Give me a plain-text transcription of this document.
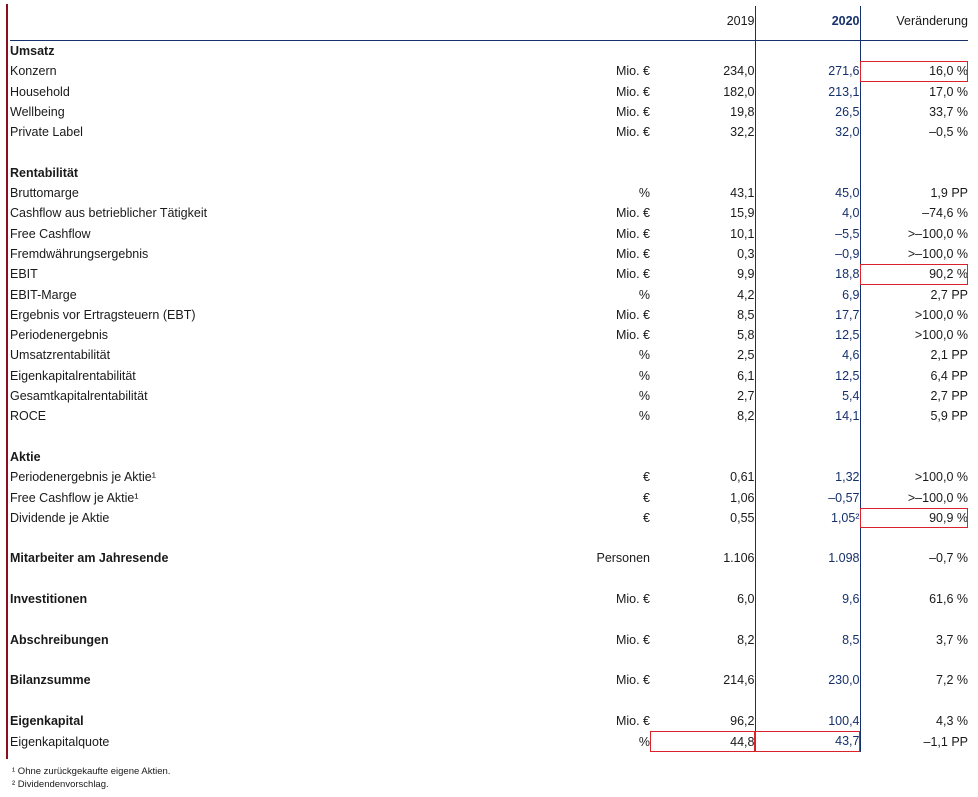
		2019	2020	Veränderung

Umsatz				
Konzern	Mio. €	234,0	271,6	16,0 %
Household	Mio. €	182,0	213,1	17,0 %
Wellbeing	Mio. €	19,8	26,5	33,7 %
Private Label	Mio. €	32,2	32,0	–0,5 %

Rentabilität				
Bruttomarge	%	43,1	45,0	1,9 PP
Cashflow aus betrieblicher Tätigkeit	Mio. €	15,9	4,0	–74,6 %
Free Cashflow	Mio. €	10,1	–5,5	>–100,0 %
Fremdwährungsergebnis	Mio. €	0,3	–0,9	>–100,0 %
EBIT	Mio. €	9,9	18,8	90,2 %
EBIT-Marge	%	4,2	6,9	2,7 PP
Ergebnis vor Ertragsteuern (EBT)	Mio. €	8,5	17,7	>100,0 %
Periodenergebnis	Mio. €	5,8	12,5	>100,0 %
Umsatzrentabilität	%	2,5	4,6	2,1 PP
Eigenkapitalrentabilität	%	6,1	12,5	6,4 PP
Gesamtkapitalrentabilität	%	2,7	5,4	2,7 PP
ROCE	%	8,2	14,1	5,9 PP

Aktie				
Periodenergebnis je Aktie¹	€	0,61	1,32	>100,0 %
Free Cashflow je Aktie¹	€	1,06	–0,57	>–100,0 %
Dividende je Aktie	€	0,55	1,05²	90,9 %

Mitarbeiter am Jahresende	Personen	1.106	1.098	–0,7 %

Investitionen	Mio. €	6,0	9,6	61,6 %

Abschreibungen	Mio. €	8,2	8,5	3,7 %

Bilanzsumme	Mio. €	214,6	230,0	7,2 %

Eigenkapital	Mio. €	96,2	100,4	4,3 %
Eigenkapitalquote	%	44,8	43,7	–1,1 PP
¹ Ohne zurückgekaufte eigene Aktien.
² Dividendenvorschlag.
